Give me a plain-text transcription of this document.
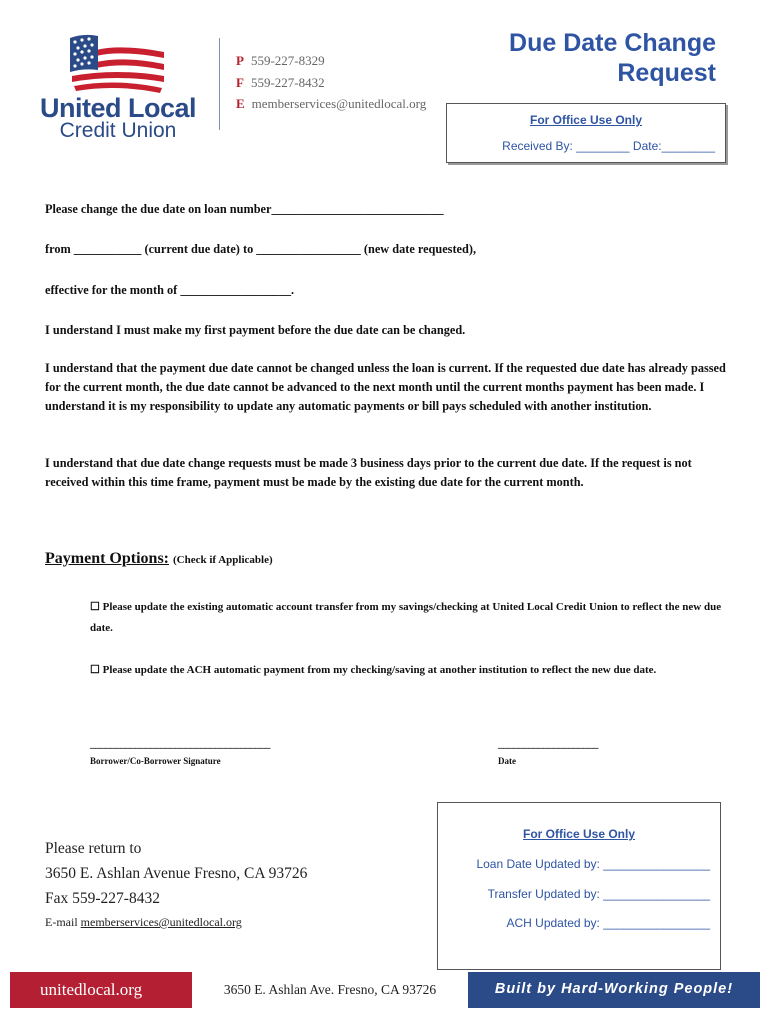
United Local
Credit Union
P 559-227-8329
F 559-227-8432
E memberservices@unitedlocal.org
Due Date Change
Request
For Office Use Only
Received By: ________ Date:________
Please change the due date on loan number____________________________
from ___________ (current due date) to _________________ (new date requested),
effective for the month of __________________.
I understand I must make my first payment before the due date can be changed.
I understand that the payment due date cannot be changed unless the loan is current. If the requested due date has already passed for the current month, the due date cannot be advanced to the next month until the current months payment has been made. I understand it is my responsibility to update any automatic payments or bill pays scheduled with another institution.
I understand that due date change requests must be made 3 business days prior to the current due date. If the request is not received within this time frame, payment must be made by the existing due date for the current month.
Payment Options: (Check if Applicable)
☐ Please update the existing automatic account transfer from my savings/checking at United Local Credit Union to reflect the new due date.
☐ Please update the ACH automatic payment from my checking/saving at another institution to reflect the new due date.
____________________________________
Borrower/Co-Borrower Signature
____________________
Date
Please return to
3650 E. Ashlan Avenue Fresno, CA 93726
Fax 559-227-8432
E-mail memberservices@unitedlocal.org
For Office Use Only
Loan Date Updated by: ________________
Transfer Updated by: ________________
ACH Updated by: ________________
unitedlocal.org	3650 E. Ashlan Ave. Fresno, CA 93726	Built by Hard-Working People!
